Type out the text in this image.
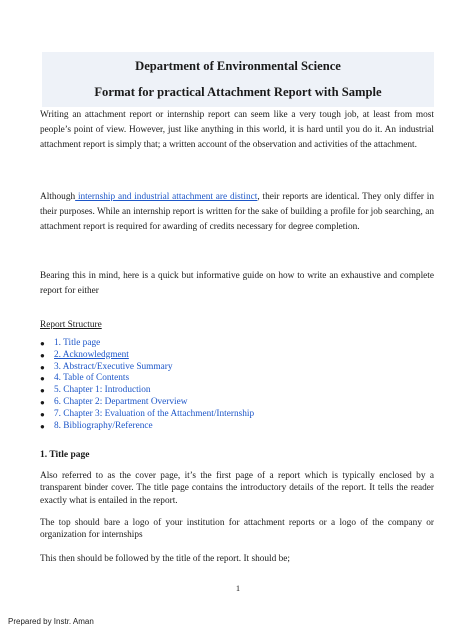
Department of Environmental Science

Format for practical Attachment Report with Sample

Writing an attachment report or internship report can seem like a very tough job, at least from most people’s point of view. However, just like anything in this world, it is hard until you do it. An industrial attachment report is simply that; a written account of the observation and activities of the attachment.

Although internship and industrial attachment are distinct, their reports are identical. They only differ in their purposes. While an internship report is written for the sake of building a profile for job searching, an attachment report is required for awarding of credits necessary for degree completion.

Bearing this in mind, here is a quick but informative guide on how to write an exhaustive and complete report for either

Report Structure

● 1. Title page
● 2. Acknowledgment
● 3. Abstract/Executive Summary
● 4. Table of Contents
● 5. Chapter 1: Introduction
● 6. Chapter 2: Department Overview
● 7. Chapter 3: Evaluation of the Attachment/Internship
● 8. Bibliography/Reference

1. Title page

Also referred to as the cover page, it’s the first page of a report which is typically enclosed by a transparent binder cover. The title page contains the introductory details of the report. It tells the reader exactly what is entailed in the report.

The top should bare a logo of your institution for attachment reports or a logo of the company or organization for internships

This then should be followed by the title of the report. It should be;

1

Prepared by Instr. Aman
